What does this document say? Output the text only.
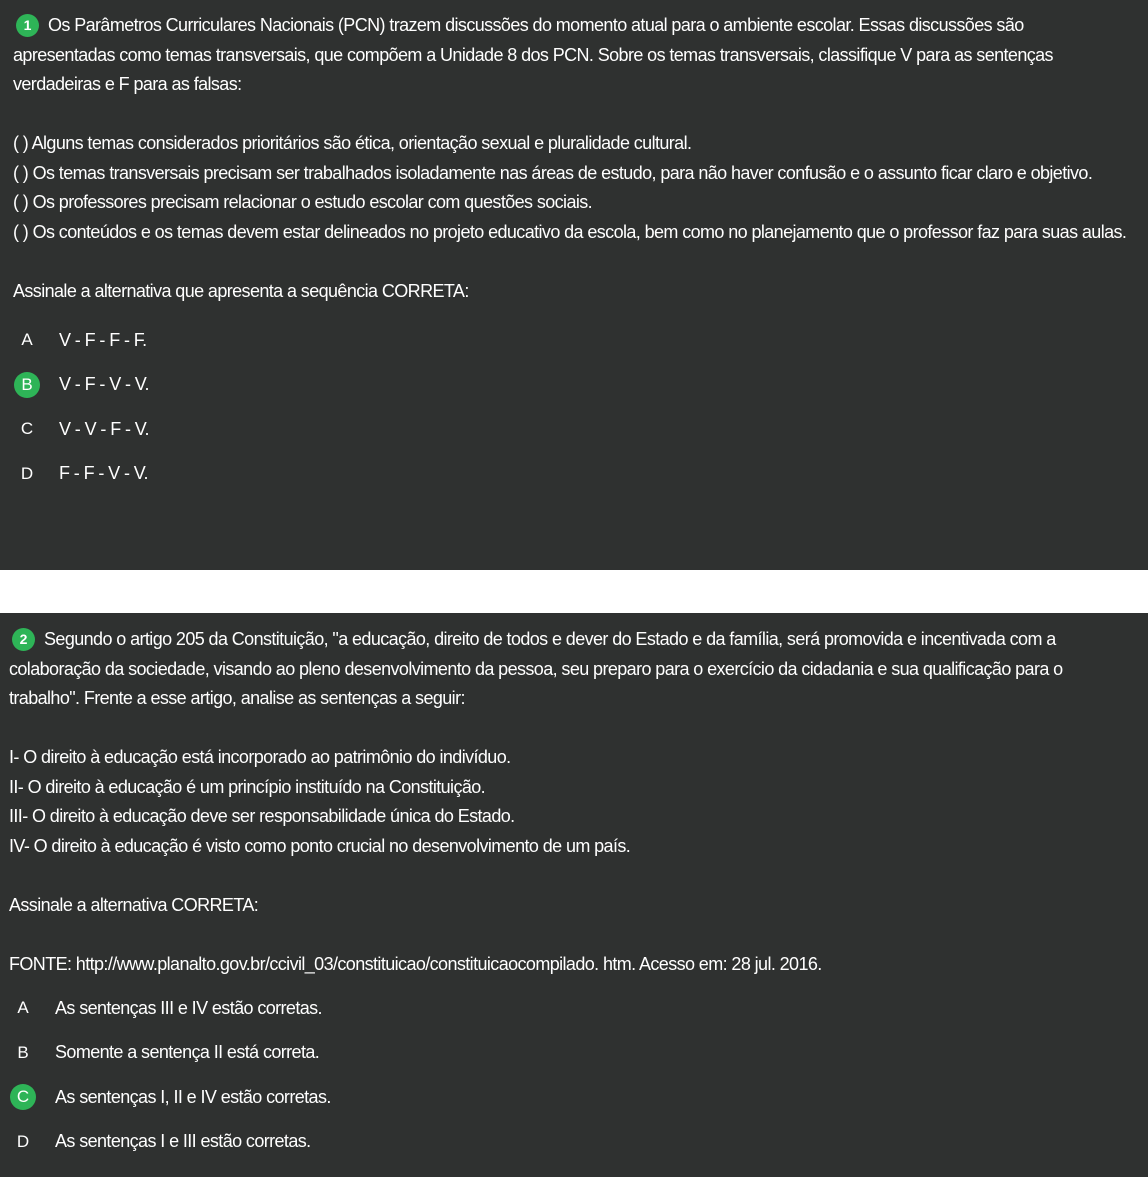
1 Os Parâmetros Curriculares Nacionais (PCN) trazem discussões do momento atual para o ambiente escolar. Essas discussões são apresentadas como temas transversais, que compõem a Unidade 8 dos PCN. Sobre os temas transversais, classifique V para as sentenças verdadeiras e F para as falsas:

( ) Alguns temas considerados prioritários são ética, orientação sexual e pluralidade cultural.

( ) Os temas transversais precisam ser trabalhados isoladamente nas áreas de estudo, para não haver confusão e o assunto ficar claro e objetivo.

( ) Os professores precisam relacionar o estudo escolar com questões sociais.

( ) Os conteúdos e os temas devem estar delineados no projeto educativo da escola, bem como no planejamento que o professor faz para suas aulas.

Assinale a alternativa que apresenta a sequência CORRETA:

A	V - F - F - F.
B	V - F - V - V.
C	V - V - F - V.
D	F - F - V - V.

2 Segundo o artigo 205 da Constituição, "a educação, direito de todos e dever do Estado e da família, será promovida e incentivada com a colaboração da sociedade, visando ao pleno desenvolvimento da pessoa, seu preparo para o exercício da cidadania e sua qualificação para o trabalho". Frente a esse artigo, analise as sentenças a seguir:

I- O direito à educação está incorporado ao patrimônio do indivíduo.

II- O direito à educação é um princípio instituído na Constituição.

III- O direito à educação deve ser responsabilidade única do Estado.

IV- O direito à educação é visto como ponto crucial no desenvolvimento de um país.

Assinale a alternativa CORRETA:

FONTE: http://www.planalto.gov.br/ccivil_03/constituicao/constituicaocompilado. htm. Acesso em: 28 jul. 2016.

A	As sentenças III e IV estão corretas.
B	Somente a sentença II está correta.
C	As sentenças I, II e IV estão corretas.
D	As sentenças I e III estão corretas.
